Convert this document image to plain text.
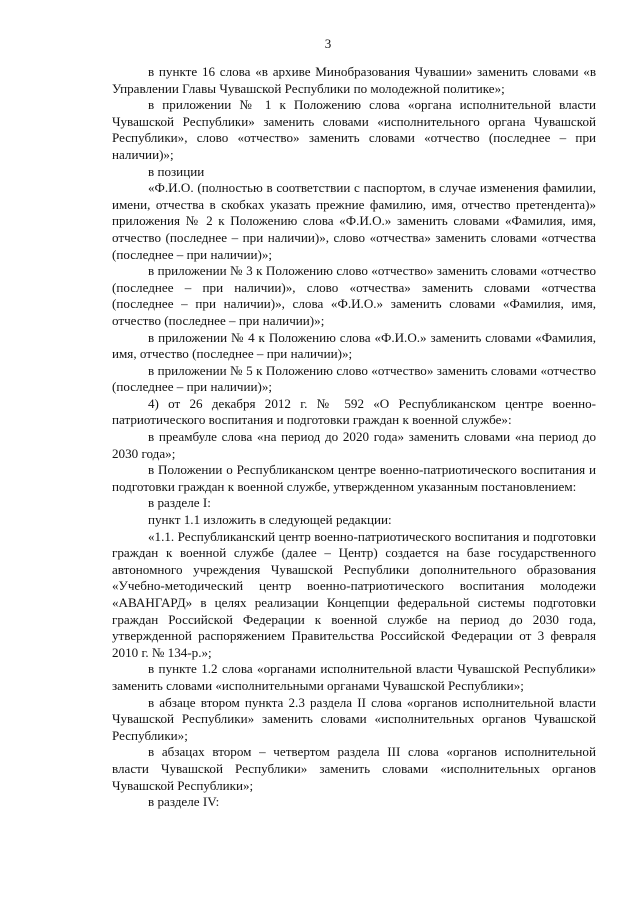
3

в пункте 16 слова «в архиве Минобразования Чувашии» заменить словами «в Управлении Главы Чувашской Республики по молодежной политике»;

в приложении № 1 к Положению слова «органа исполнительной власти Чувашской Республики» заменить словами «исполнительного органа Чувашской Республики», слово «отчество» заменить словами «отчество (последнее – при наличии)»;

в позиции

«Ф.И.О. (полностью в соответствии с паспортом, в случае изменения фамилии, имени, отчества в скобках указать прежние фамилию, имя, отчество претендента)» приложения № 2 к Положению слова «Ф.И.О.» заменить словами «Фамилия, имя, отчество (последнее – при наличии)», слово «отчества» заменить словами «отчества (последнее – при наличии)»;

в приложении № 3 к Положению слово «отчество» заменить словами «отчество (последнее – при наличии)», слово «отчества» заменить словами «отчества (последнее – при наличии)», слова «Ф.И.О.» заменить словами «Фамилия, имя, отчество (последнее – при наличии)»;

в приложении № 4 к Положению слова «Ф.И.О.» заменить словами «Фамилия, имя, отчество (последнее – при наличии)»;

в приложении № 5 к Положению слово «отчество» заменить словами «отчество (последнее – при наличии)»;

4) от 26 декабря 2012 г. № 592 «О Республиканском центре военно-патриотического воспитания и подготовки граждан к военной службе»:

в преамбуле слова «на период до 2020 года» заменить словами «на период до 2030 года»;

в Положении о Республиканском центре военно-патриотического воспитания и подготовки граждан к военной службе, утвержденном указанным постановлением:

в разделе I:

пункт 1.1 изложить в следующей редакции:

«1.1. Республиканский центр военно-патриотического воспитания и подготовки граждан к военной службе (далее – Центр) создается на базе государственного автономного учреждения Чувашской Республики дополнительного образования «Учебно-методический центр военно-патриотического воспитания молодежи «АВАНГАРД» в целях реализации Концепции федеральной системы подготовки граждан Российской Федерации к военной службе на период до 2030 года, утвержденной распоряжением Правительства Российской Федерации от 3 февраля 2010 г. № 134-р.»;

в пункте 1.2 слова «органами исполнительной власти Чувашской Республики» заменить словами «исполнительными органами Чувашской Республики»;

в абзаце втором пункта 2.3 раздела II слова «органов исполнительной власти Чувашской Республики» заменить словами «исполнительных органов Чувашской Республики»;

в абзацах втором – четвертом раздела III слова «органов исполнительной власти Чувашской Республики» заменить словами «исполнительных органов Чувашской Республики»;

в разделе IV:
